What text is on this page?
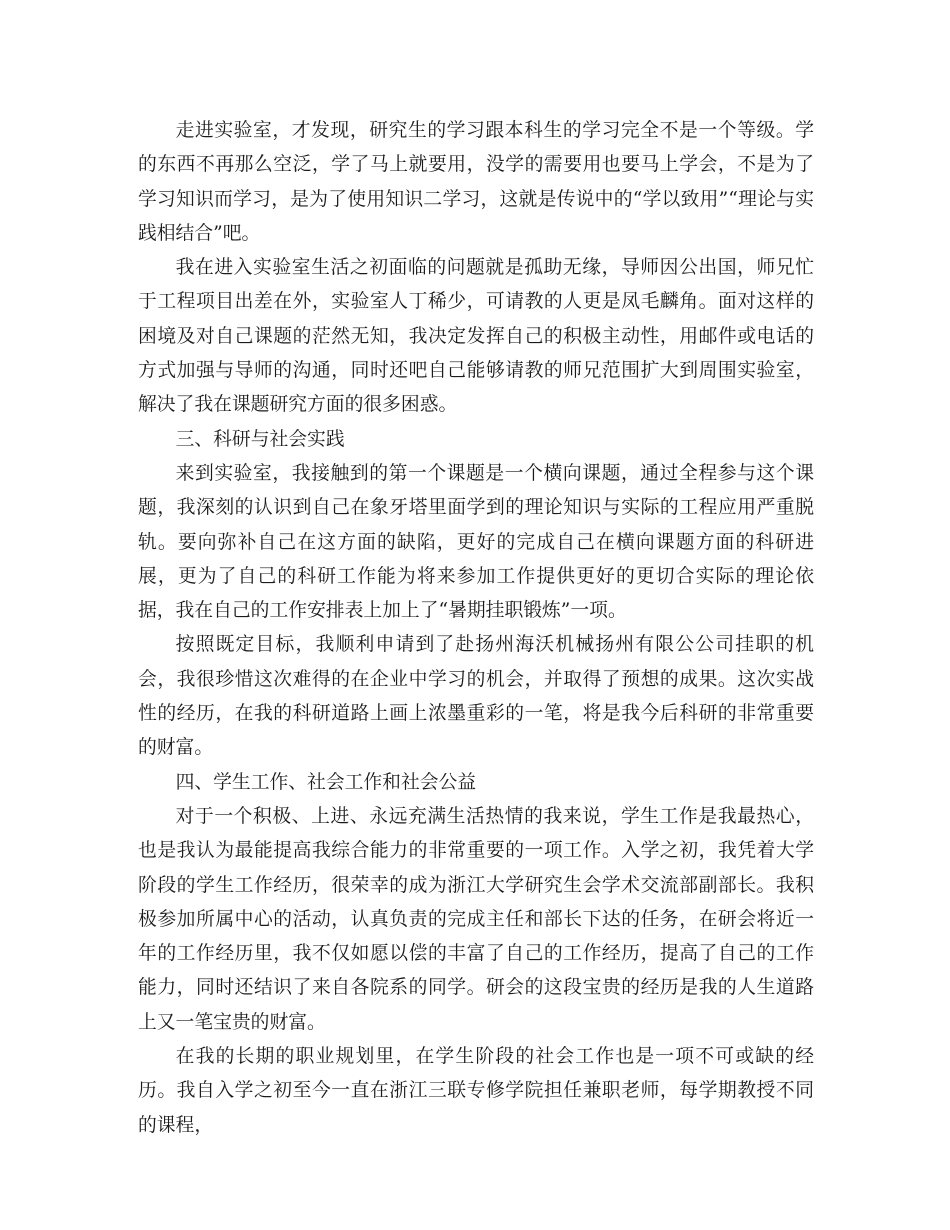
走进实验室，才发现，研究生的学习跟本科生的学习完全不是一个等级。学的东西不再那么空泛，学了马上就要用，没学的需要用也要马上学会，不是为了学习知识而学习，是为了使用知识二学习，这就是传说中的“学以致用”“理论与实践相结合”吧。

我在进入实验室生活之初面临的问题就是孤助无缘，导师因公出国，师兄忙于工程项目出差在外，实验室人丁稀少，可请教的人更是凤毛麟角。面对这样的困境及对自己课题的茫然无知，我决定发挥自己的积极主动性，用邮件或电话的方式加强与导师的沟通，同时还吧自己能够请教的师兄范围扩大到周围实验室，解决了我在课题研究方面的很多困惑。

三、科研与社会实践

来到实验室，我接触到的第一个课题是一个横向课题，通过全程参与这个课题，我深刻的认识到自己在象牙塔里面学到的理论知识与实际的工程应用严重脱轨。要向弥补自己在这方面的缺陷，更好的完成自己在横向课题方面的科研进展，更为了自己的科研工作能为将来参加工作提供更好的更切合实际的理论依据，我在自己的工作安排表上加上了“暑期挂职锻炼”一项。

按照既定目标，我顺利申请到了赴扬州海沃机械扬州有限公公司挂职的机会，我很珍惜这次难得的在企业中学习的机会，并取得了预想的成果。这次实战性的经历，在我的科研道路上画上浓墨重彩的一笔，将是我今后科研的非常重要的财富。

四、学生工作、社会工作和社会公益

对于一个积极、上进、永远充满生活热情的我来说，学生工作是我最热心，也是我认为最能提高我综合能力的非常重要的一项工作。入学之初，我凭着大学阶段的学生工作经历，很荣幸的成为浙江大学研究生会学术交流部副部长。我积极参加所属中心的活动，认真负责的完成主任和部长下达的任务，在研会将近一年的工作经历里，我不仅如愿以偿的丰富了自己的工作经历，提高了自己的工作能力，同时还结识了来自各院系的同学。研会的这段宝贵的经历是我的人生道路上又一笔宝贵的财富。

在我的长期的职业规划里，在学生阶段的社会工作也是一项不可或缺的经历。我自入学之初至今一直在浙江三联专修学院担任兼职老师，每学期教授不同的课程，
